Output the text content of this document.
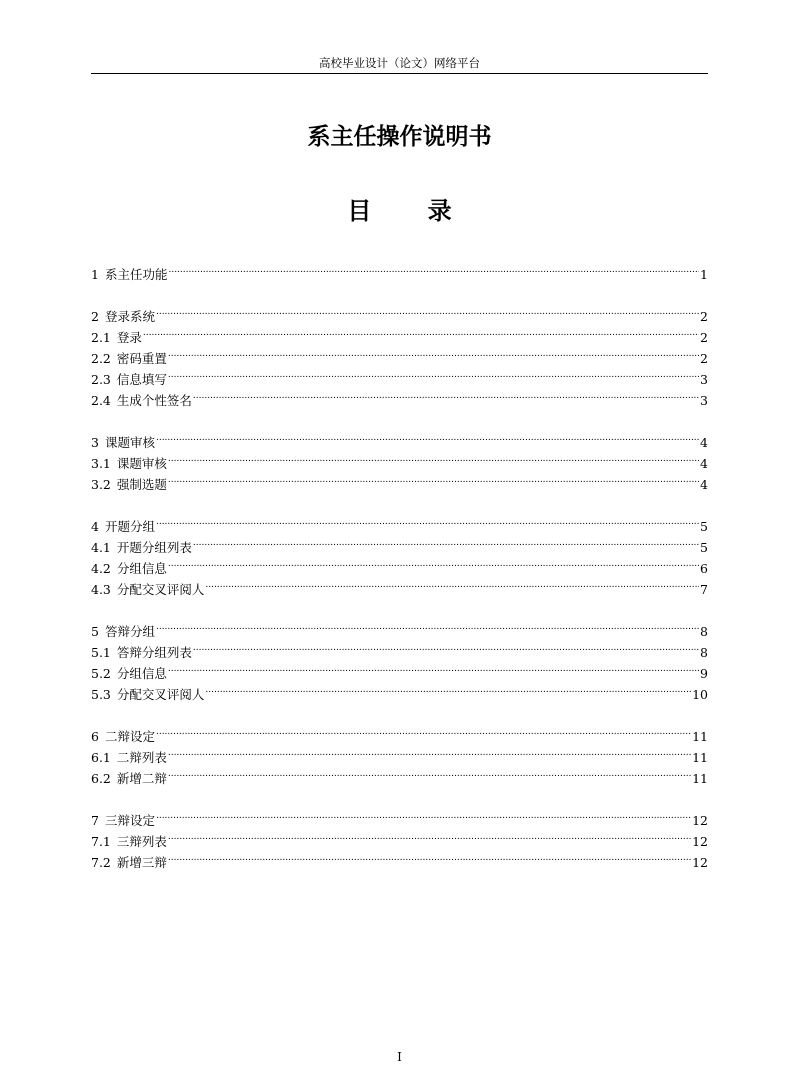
高校毕业设计（论文）网络平台
系主任操作说明书
目 录
1 系主任功能 .....	1
2 登录系统 .....	2
2.1 登录 .....	2
2.2 密码重置 .....	2
2.3 信息填写 .....	3
2.4 生成个性签名 .....	3
3 课题审核 .....	4
3.1 课题审核 .....	4
3.2 强制选题 .....	4
4 开题分组 .....	5
4.1 开题分组列表 .....	5
4.2 分组信息 .....	6
4.3 分配交叉评阅人 .....	7
5 答辩分组 .....	8
5.1 答辩分组列表 .....	8
5.2 分组信息 .....	9
5.3 分配交叉评阅人 .....	10
6 二辩设定 .....	11
6.1 二辩列表 .....	11
6.2 新增二辩 .....	11
7 三辩设定 .....	12
7.1 三辩列表 .....	12
7.2 新增三辩 .....	12
I
